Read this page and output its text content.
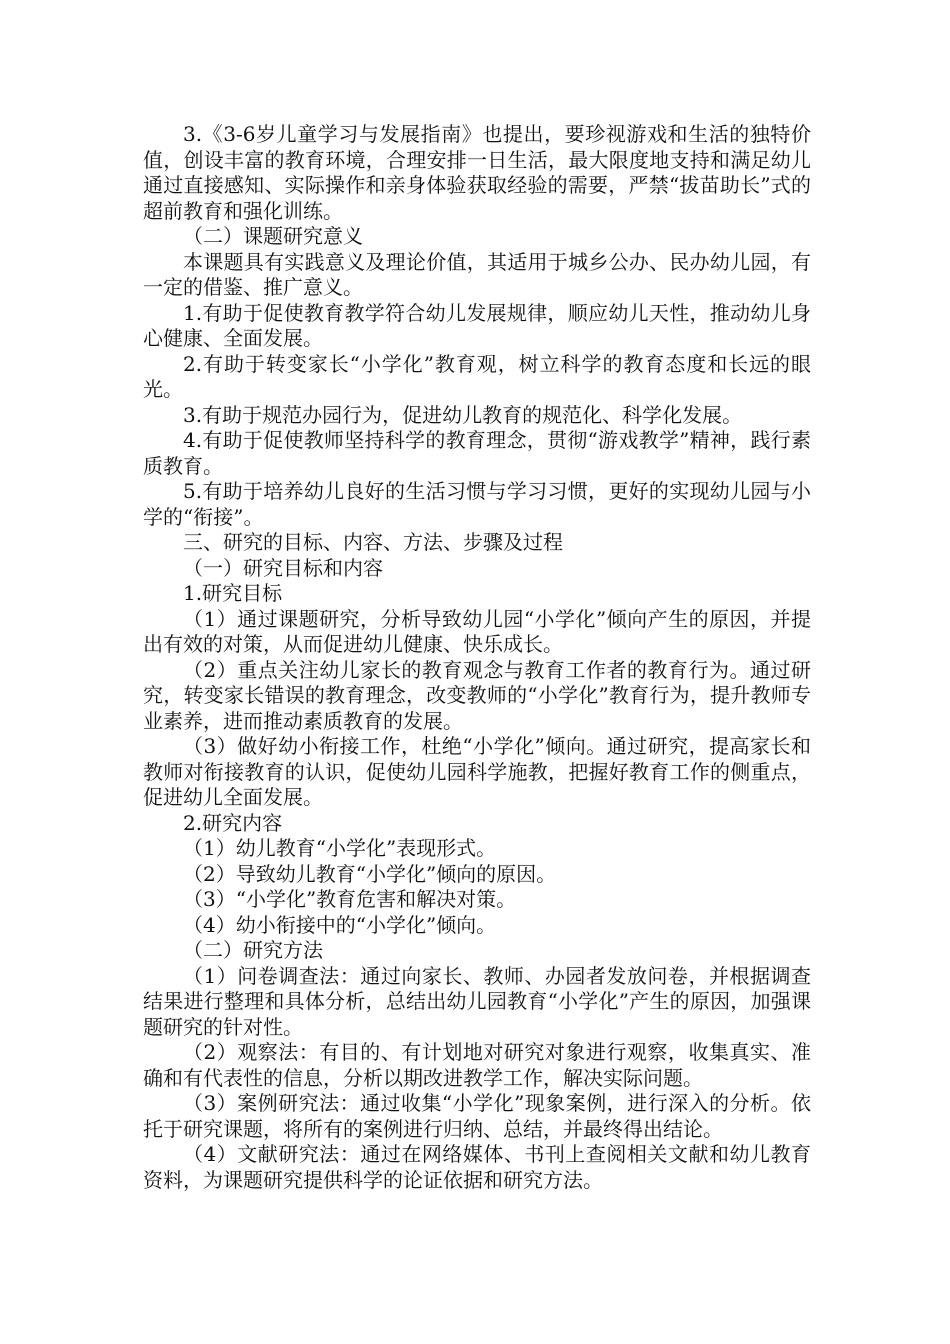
3.《3-6岁儿童学习与发展指南》也提出，要珍视游戏和生活的独特价值，创设丰富的教育环境，合理安排一日生活，最大限度地支持和满足幼儿通过直接感知、实际操作和亲身体验获取经验的需要，严禁“拔苗助长”式的超前教育和强化训练。

（二）课题研究意义

本课题具有实践意义及理论价值，其适用于城乡公办、民办幼儿园，有一定的借鉴、推广意义。

1.有助于促使教育教学符合幼儿发展规律，顺应幼儿天性，推动幼儿身心健康、全面发展。

2.有助于转变家长“小学化”教育观，树立科学的教育态度和长远的眼光。

3.有助于规范办园行为，促进幼儿教育的规范化、科学化发展。

4.有助于促使教师坚持科学的教育理念，贯彻“游戏教学”精神，践行素质教育。

5.有助于培养幼儿良好的生活习惯与学习习惯，更好的实现幼儿园与小学的“衔接”。

三、研究的目标、内容、方法、步骤及过程

（一）研究目标和内容

1.研究目标

（1）通过课题研究，分析导致幼儿园“小学化”倾向产生的原因，并提出有效的对策，从而促进幼儿健康、快乐成长。

（2）重点关注幼儿家长的教育观念与教育工作者的教育行为。通过研究，转变家长错误的教育理念，改变教师的“小学化”教育行为，提升教师专业素养，进而推动素质教育的发展。

（3）做好幼小衔接工作，杜绝“小学化”倾向。通过研究，提高家长和教师对衔接教育的认识，促使幼儿园科学施教，把握好教育工作的侧重点，促进幼儿全面发展。

2.研究内容

（1）幼儿教育“小学化”表现形式。

（2）导致幼儿教育“小学化”倾向的原因。

（3）“小学化”教育危害和解决对策。

（4）幼小衔接中的“小学化”倾向。

（二）研究方法

（1）问卷调查法：通过向家长、教师、办园者发放问卷，并根据调查结果进行整理和具体分析，总结出幼儿园教育“小学化”产生的原因，加强课题研究的针对性。

（2）观察法：有目的、有计划地对研究对象进行观察，收集真实、准确和有代表性的信息，分析以期改进教学工作，解决实际问题。

（3）案例研究法：通过收集“小学化”现象案例，进行深入的分析。依托于研究课题，将所有的案例进行归纳、总结，并最终得出结论。

（4）文献研究法：通过在网络媒体、书刊上查阅相关文献和幼儿教育资料，为课题研究提供科学的论证依据和研究方法。
